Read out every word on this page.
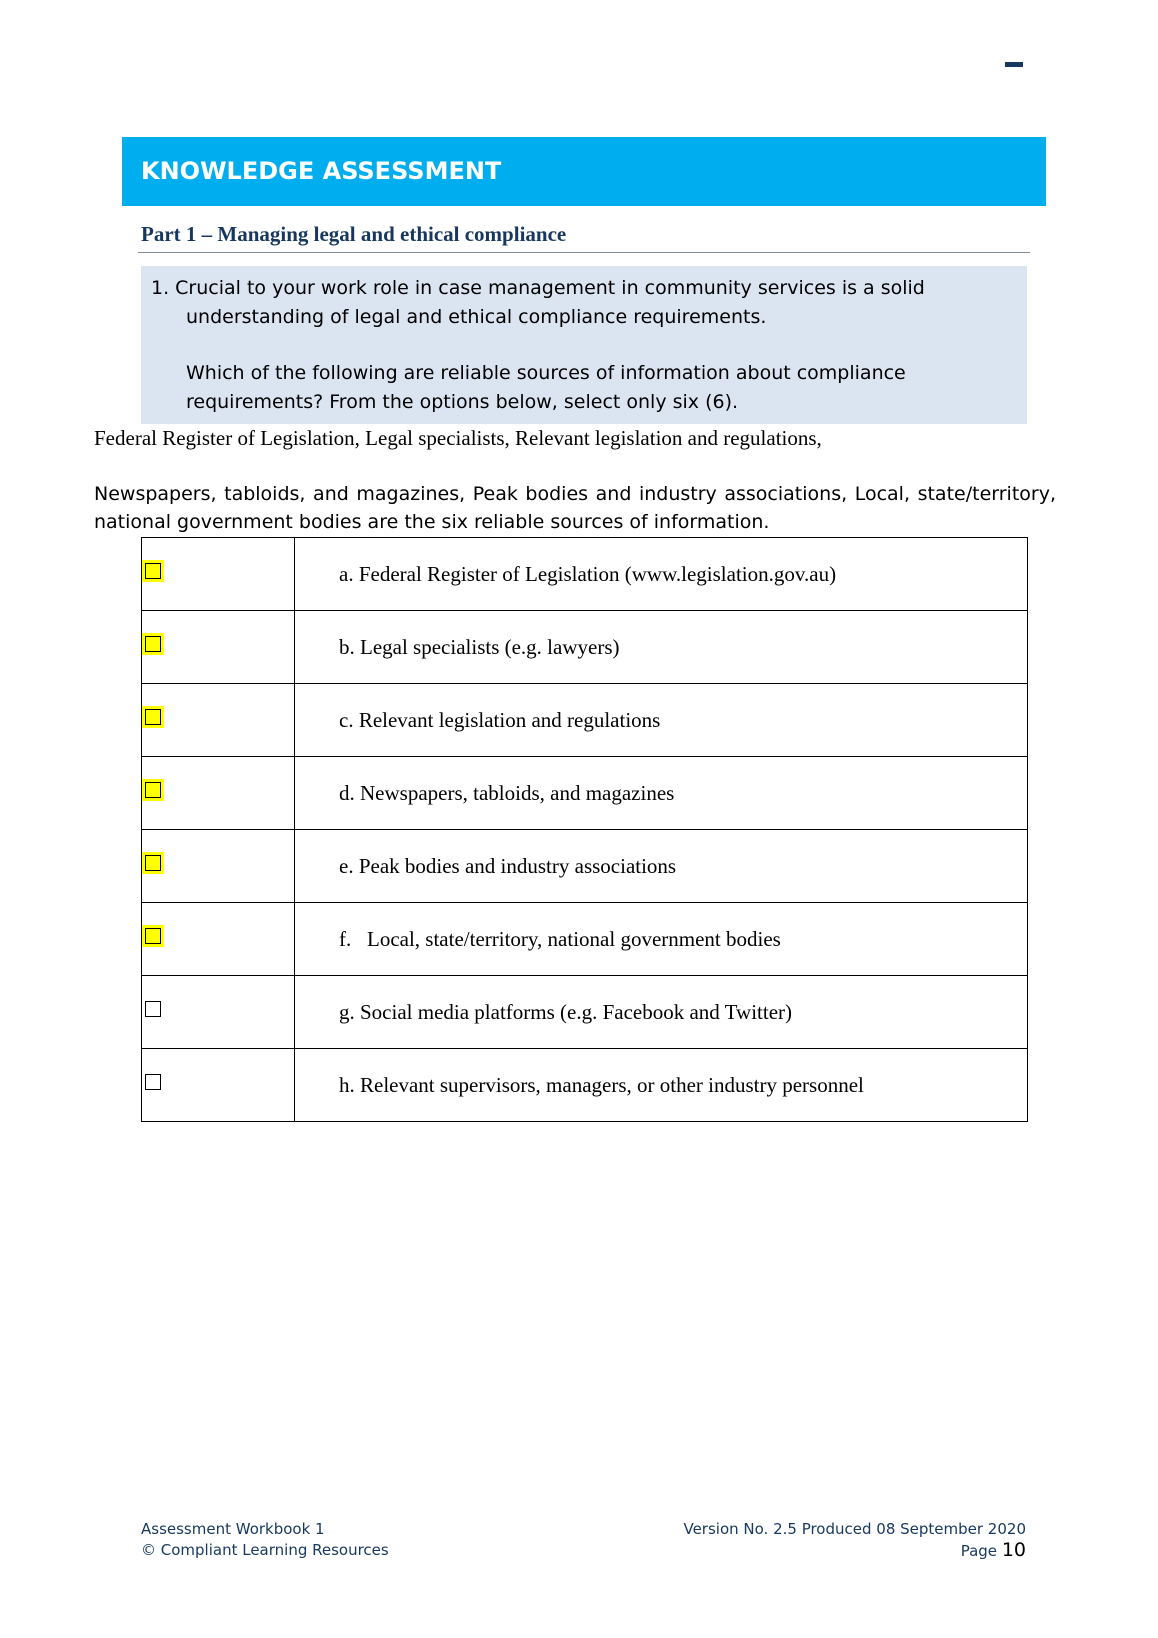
KNOWLEDGE ASSESSMENT
Part 1 – Managing legal and ethical compliance

1. Crucial to your work role in case management in community services is a solid understanding of legal and ethical compliance requirements.

Which of the following are reliable sources of information about compliance requirements? From the options below, select only six (6).

Federal Register of Legislation, Legal specialists, Relevant legislation and regulations,
Newspapers, tabloids, and magazines, Peak bodies and industry associations, Local, state/territory, national government bodies are the six reliable sources of information.
	a. Federal Register of Legislation (www.legislation.gov.au)
	b. Legal specialists (e.g. lawyers)
	c. Relevant legislation and regulations
	d. Newspapers, tabloids, and magazines
	e. Peak bodies and industry associations
	f.   Local, state/territory, national government bodies
	g. Social media platforms (e.g. Facebook and Twitter)
	h. Relevant supervisors, managers, or other industry personnel
Assessment Workbook 1
© Compliant Learning Resources
Version No. 2.5 Produced 08 September 2020
Page 10
